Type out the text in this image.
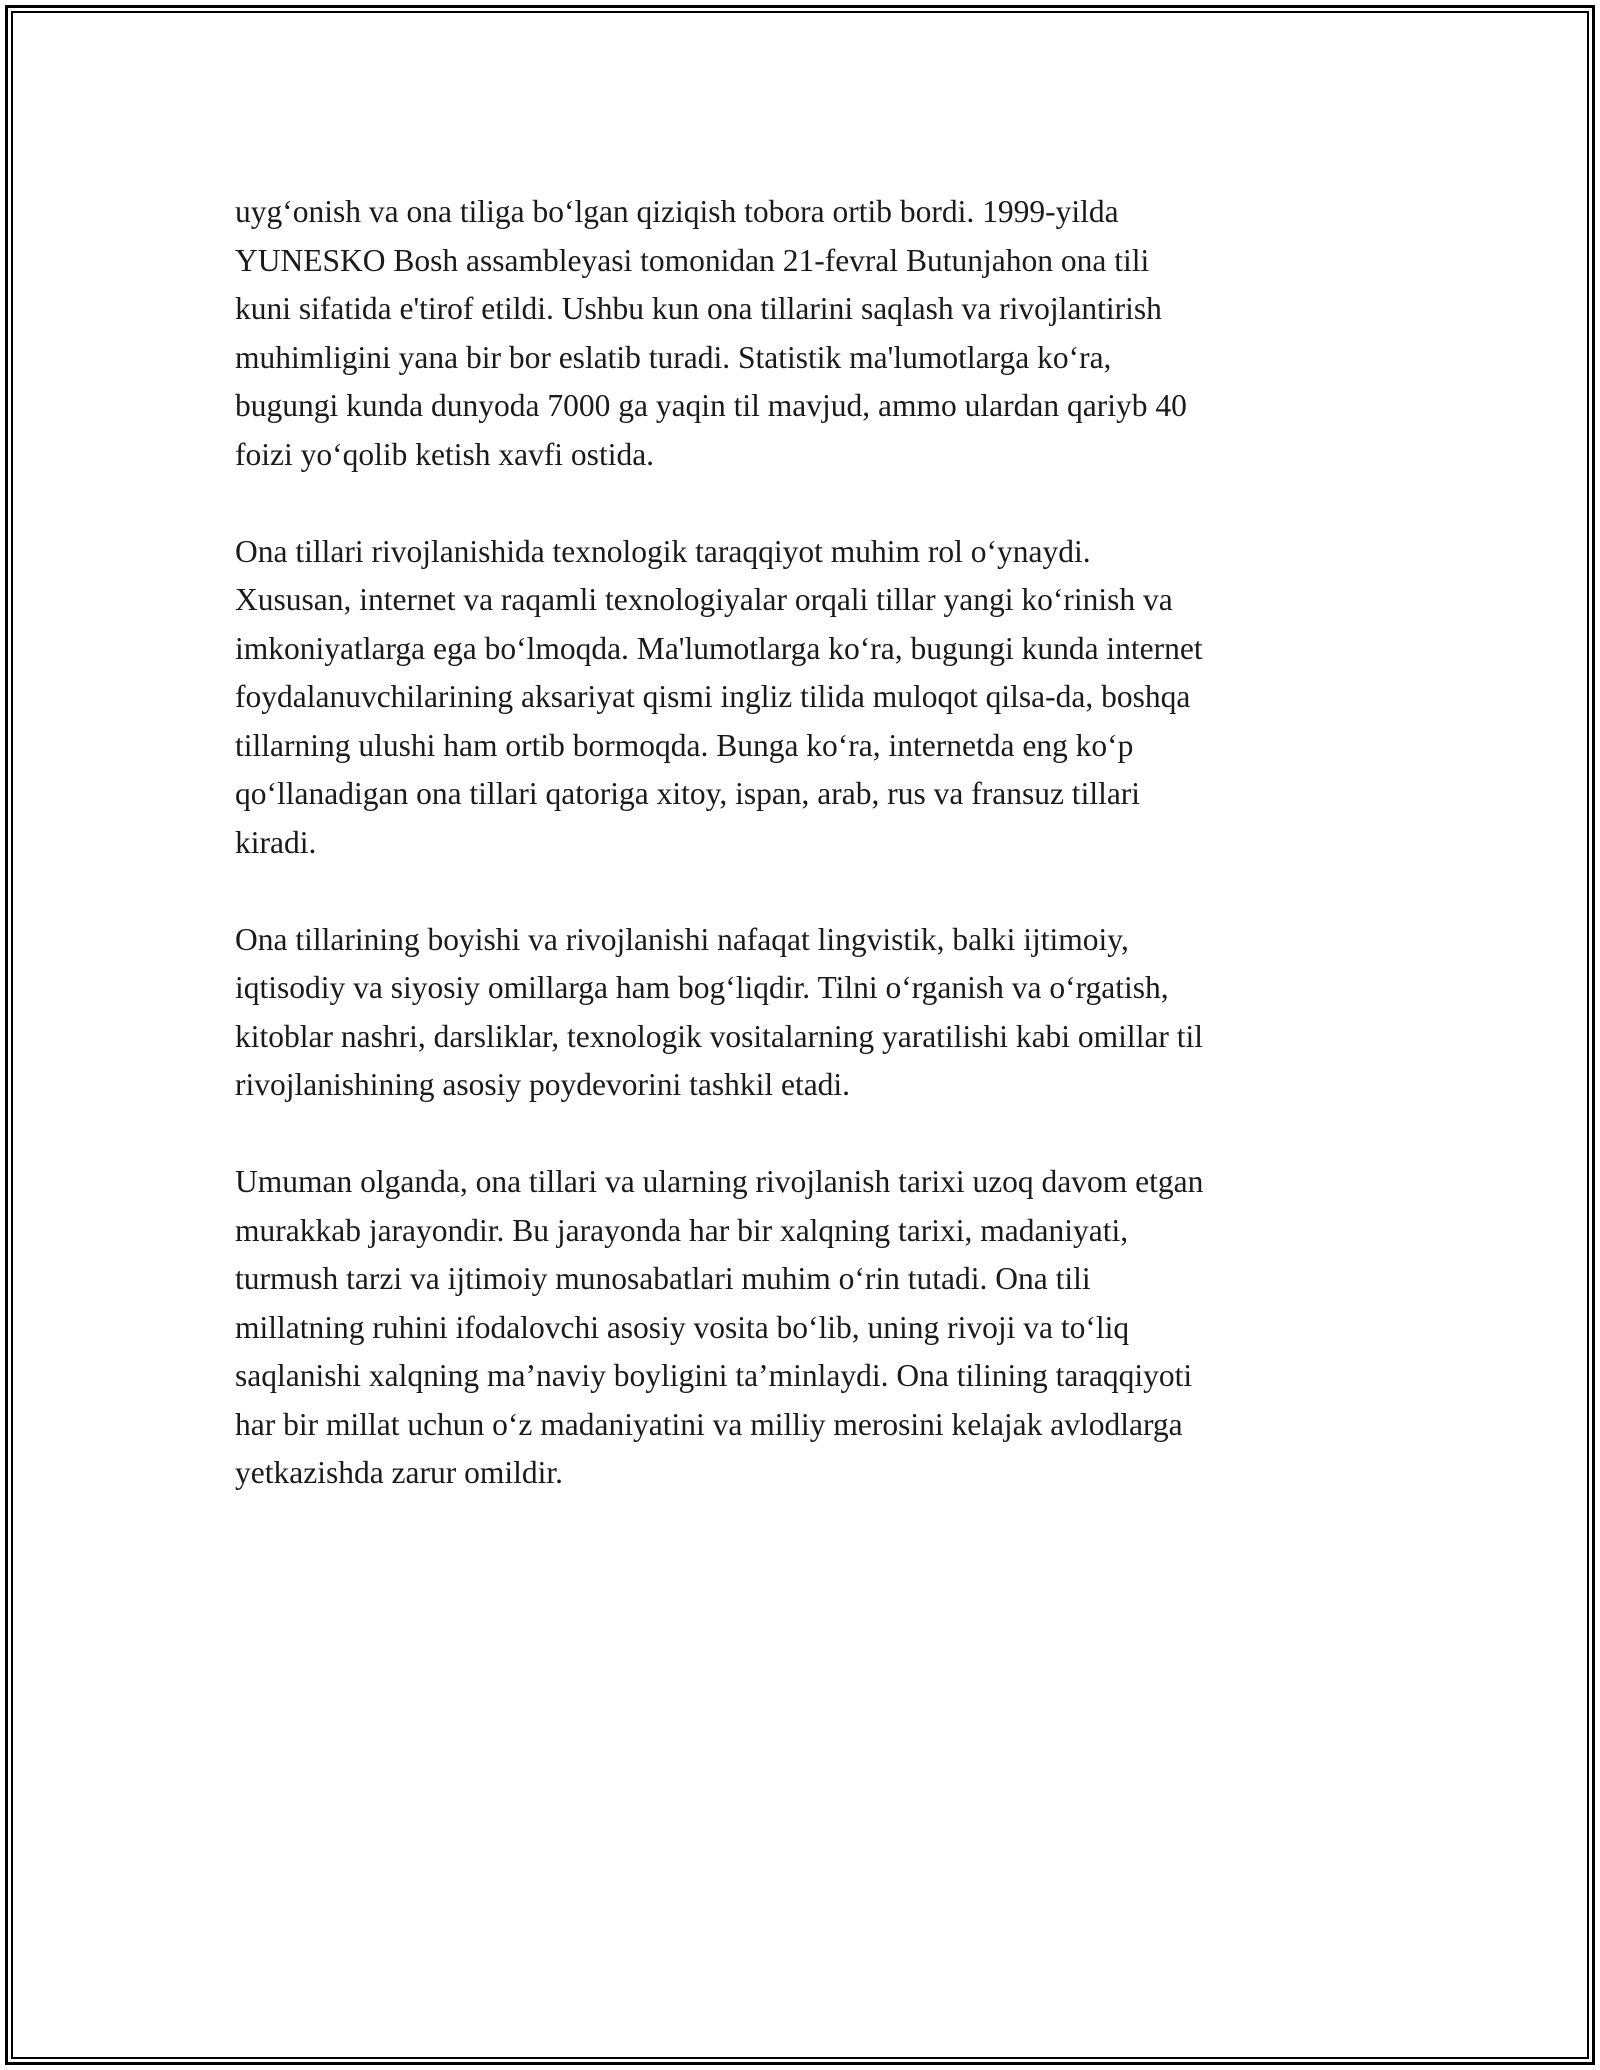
uyg‘onish va ona tiliga bo‘lgan qiziqish tobora ortib bordi. 1999-yilda
YUNESKO Bosh assambleyasi tomonidan 21-fevral Butunjahon ona tili
kuni sifatida e'tirof etildi. Ushbu kun ona tillarini saqlash va rivojlantirish
muhimligini yana bir bor eslatib turadi. Statistik ma'lumotlarga ko‘ra,
bugungi kunda dunyoda 7000 ga yaqin til mavjud, ammo ulardan qariyb 40
foizi yo‘qolib ketish xavfi ostida.

Ona tillari rivojlanishida texnologik taraqqiyot muhim rol o‘ynaydi.
Xususan, internet va raqamli texnologiyalar orqali tillar yangi ko‘rinish va
imkoniyatlarga ega bo‘lmoqda. Ma'lumotlarga ko‘ra, bugungi kunda internet
foydalanuvchilarining aksariyat qismi ingliz tilida muloqot qilsa-da, boshqa
tillarning ulushi ham ortib bormoqda. Bunga ko‘ra, internetda eng ko‘p
qo‘llanadigan ona tillari qatoriga xitoy, ispan, arab, rus va fransuz tillari
kiradi.

Ona tillarining boyishi va rivojlanishi nafaqat lingvistik, balki ijtimoiy,
iqtisodiy va siyosiy omillarga ham bog‘liqdir. Tilni o‘rganish va o‘rgatish,
kitoblar nashri, darsliklar, texnologik vositalarning yaratilishi kabi omillar til
rivojlanishining asosiy poydevorini tashkil etadi.

Umuman olganda, ona tillari va ularning rivojlanish tarixi uzoq davom etgan
murakkab jarayondir. Bu jarayonda har bir xalqning tarixi, madaniyati,
turmush tarzi va ijtimoiy munosabatlari muhim o‘rin tutadi. Ona tili
millatning ruhini ifodalovchi asosiy vosita bo‘lib, uning rivoji va to‘liq
saqlanishi xalqning ma’naviy boyligini ta’minlaydi. Ona tilining taraqqiyoti
har bir millat uchun o‘z madaniyatini va milliy merosini kelajak avlodlarga
yetkazishda zarur omildir.
